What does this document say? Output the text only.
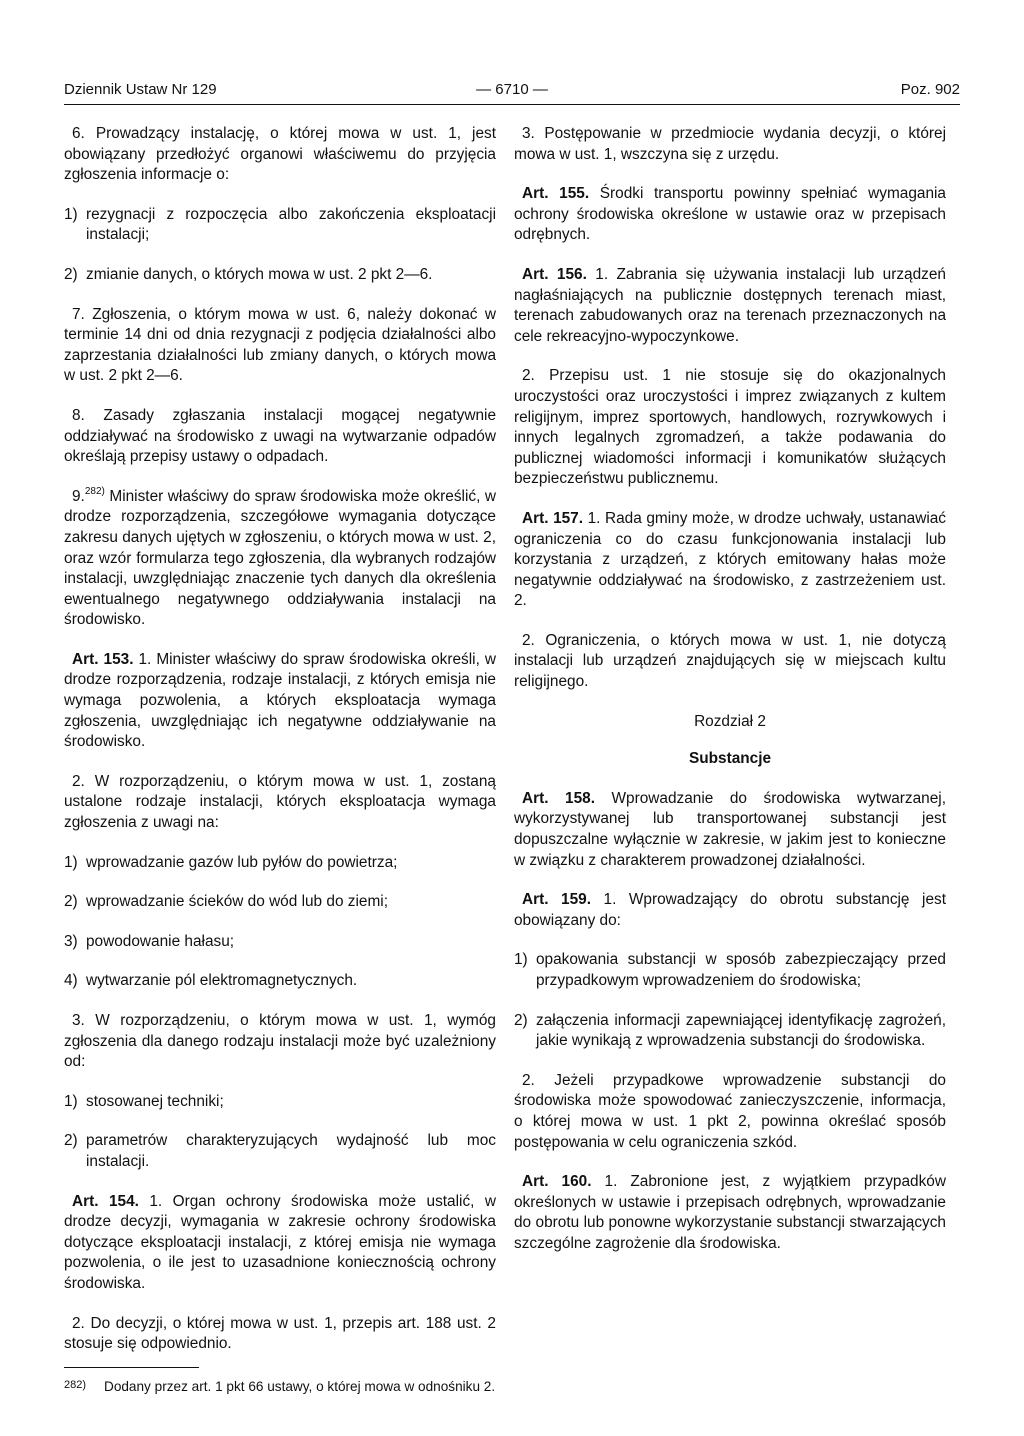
Dziennik Ustaw Nr 129	— 6710 —	Poz. 902

6. Prowadzący instalację, o której mowa w ust. 1, jest obowiązany przedłożyć organowi właściwemu do przyjęcia zgłoszenia informacje o:

1) rezygnacji z rozpoczęcia albo zakończenia eksploatacji instalacji;
2) zmianie danych, o których mowa w ust. 2 pkt 2—6.

7. Zgłoszenia, o którym mowa w ust. 6, należy dokonać w terminie 14 dni od dnia rezygnacji z podjęcia działalności albo zaprzestania działalności lub zmiany danych, o których mowa w ust. 2 pkt 2—6.

8. Zasady zgłaszania instalacji mogącej negatywnie oddziaływać na środowisko z uwagi na wytwarzanie odpadów określają przepisy ustawy o odpadach.

9.$^{282)}$ Minister właściwy do spraw środowiska może określić, w drodze rozporządzenia, szczegółowe wymagania dotyczące zakresu danych ujętych w zgłoszeniu, o których mowa w ust. 2, oraz wzór formularza tego zgłoszenia, dla wybranych rodzajów instalacji, uwzględniając znaczenie tych danych dla określenia ewentualnego negatywnego oddziaływania instalacji na środowisko.

Art. 153. 1. Minister właściwy do spraw środowiska określi, w drodze rozporządzenia, rodzaje instalacji, z których emisja nie wymaga pozwolenia, a których eksploatacja wymaga zgłoszenia, uwzględniając ich negatywne oddziaływanie na środowisko.

2. W rozporządzeniu, o którym mowa w ust. 1, zostaną ustalone rodzaje instalacji, których eksploatacja wymaga zgłoszenia z uwagi na:

1) wprowadzanie gazów lub pyłów do powietrza;
2) wprowadzanie ścieków do wód lub do ziemi;
3) powodowanie hałasu;
4) wytwarzanie pól elektromagnetycznych.

3. W rozporządzeniu, o którym mowa w ust. 1, wymóg zgłoszenia dla danego rodzaju instalacji może być uzależniony od:

1) stosowanej techniki;
2) parametrów charakteryzujących wydajność lub moc instalacji.

Art. 154. 1. Organ ochrony środowiska może ustalić, w drodze decyzji, wymagania w zakresie ochrony środowiska dotyczące eksploatacji instalacji, z której emisja nie wymaga pozwolenia, o ile jest to uzasadnione koniecznością ochrony środowiska.

2. Do decyzji, o której mowa w ust. 1, przepis art. 188 ust. 2 stosuje się odpowiednio.

282)	Dodany przez art. 1 pkt 66 ustawy, o której mowa w odnośniku 2.

3. Postępowanie w przedmiocie wydania decyzji, o której mowa w ust. 1, wszczyna się z urzędu.

Art. 155. Środki transportu powinny spełniać wymagania ochrony środowiska określone w ustawie oraz w przepisach odrębnych.

Art. 156. 1. Zabrania się używania instalacji lub urządzeń nagłaśniających na publicznie dostępnych terenach miast, terenach zabudowanych oraz na terenach przeznaczonych na cele rekreacyjno-wypoczynkowe.

2. Przepisu ust. 1 nie stosuje się do okazjonalnych uroczystości oraz uroczystości i imprez związanych z kultem religijnym, imprez sportowych, handlowych, rozrywkowych i innych legalnych zgromadzeń, a także podawania do publicznej wiadomości informacji i komunikatów służących bezpieczeństwu publicznemu.

Art. 157. 1. Rada gminy może, w drodze uchwały, ustanawiać ograniczenia co do czasu funkcjonowania instalacji lub korzystania z urządzeń, z których emitowany hałas może negatywnie oddziaływać na środowisko, z zastrzeżeniem ust. 2.

2. Ograniczenia, o których mowa w ust. 1, nie dotyczą instalacji lub urządzeń znajdujących się w miejscach kultu religijnego.

Rozdział 2

Substancje

Art. 158. Wprowadzanie do środowiska wytwarzanej, wykorzystywanej lub transportowanej substancji jest dopuszczalne wyłącznie w zakresie, w jakim jest to konieczne w związku z charakterem prowadzonej działalności.

Art. 159. 1. Wprowadzający do obrotu substancję jest obowiązany do:

1) opakowania substancji w sposób zabezpieczający przed przypadkowym wprowadzeniem do środowiska;
2) załączenia informacji zapewniającej identyfikację zagrożeń, jakie wynikają z wprowadzenia substancji do środowiska.

2. Jeżeli przypadkowe wprowadzenie substancji do środowiska może spowodować zanieczyszczenie, informacja, o której mowa w ust. 1 pkt 2, powinna określać sposób postępowania w celu ograniczenia szkód.

Art. 160. 1. Zabronione jest, z wyjątkiem przypadków określonych w ustawie i przepisach odrębnych, wprowadzanie do obrotu lub ponowne wykorzystanie substancji stwarzających szczególne zagrożenie dla środowiska.
